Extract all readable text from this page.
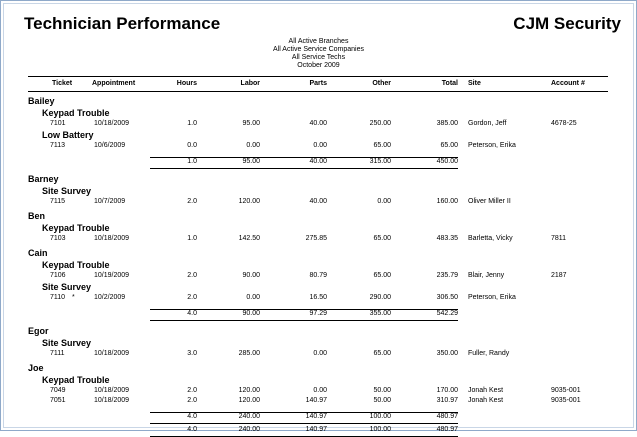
Technician Performance	CJM Security
All Active Branches
All Active Service Companies
All Service Techs
October 2009
Ticket	Appointment	Hours	Labor	Parts	Other	Total Site	Account #
Bailey
Keypad Trouble
7101	10/18/2009	1.0	95.00	40.00	250.00	385.00 Gordon, Jeff	4678-25
Low Battery
7113	10/6/2009	0.0	0.00	0.00	65.00	65.00 Peterson, Erika
1.0	95.00	40.00	315.00	450.00
Barney
Site Survey
7115	10/7/2009	2.0	120.00	40.00	0.00	160.00 Oliver Miller II
Ben
Keypad Trouble
7103	10/18/2009	1.0	142.50	275.85	65.00	483.35 Barletta, Vicky	7811
Cain
Keypad Trouble
7106	10/19/2009	2.0	90.00	80.79	65.00	235.79 Blair, Jenny	2187
Site Survey
7110 *	10/2/2009	2.0	0.00	16.50	290.00	306.50 Peterson, Erika
4.0	90.00	97.29	355.00	542.29
Egor
Site Survey
7111	10/18/2009	3.0	285.00	0.00	65.00	350.00 Fuller, Randy
Joe
Keypad Trouble
7049	10/18/2009	2.0	120.00	0.00	50.00	170.00 Jonah Kest	9035-001
7051	10/18/2009	2.0	120.00	140.97	50.00	310.97 Jonah Kest	9035-001
4.0	240.00	140.97	100.00	480.97
4.0	240.00	140.97	100.00	480.97
